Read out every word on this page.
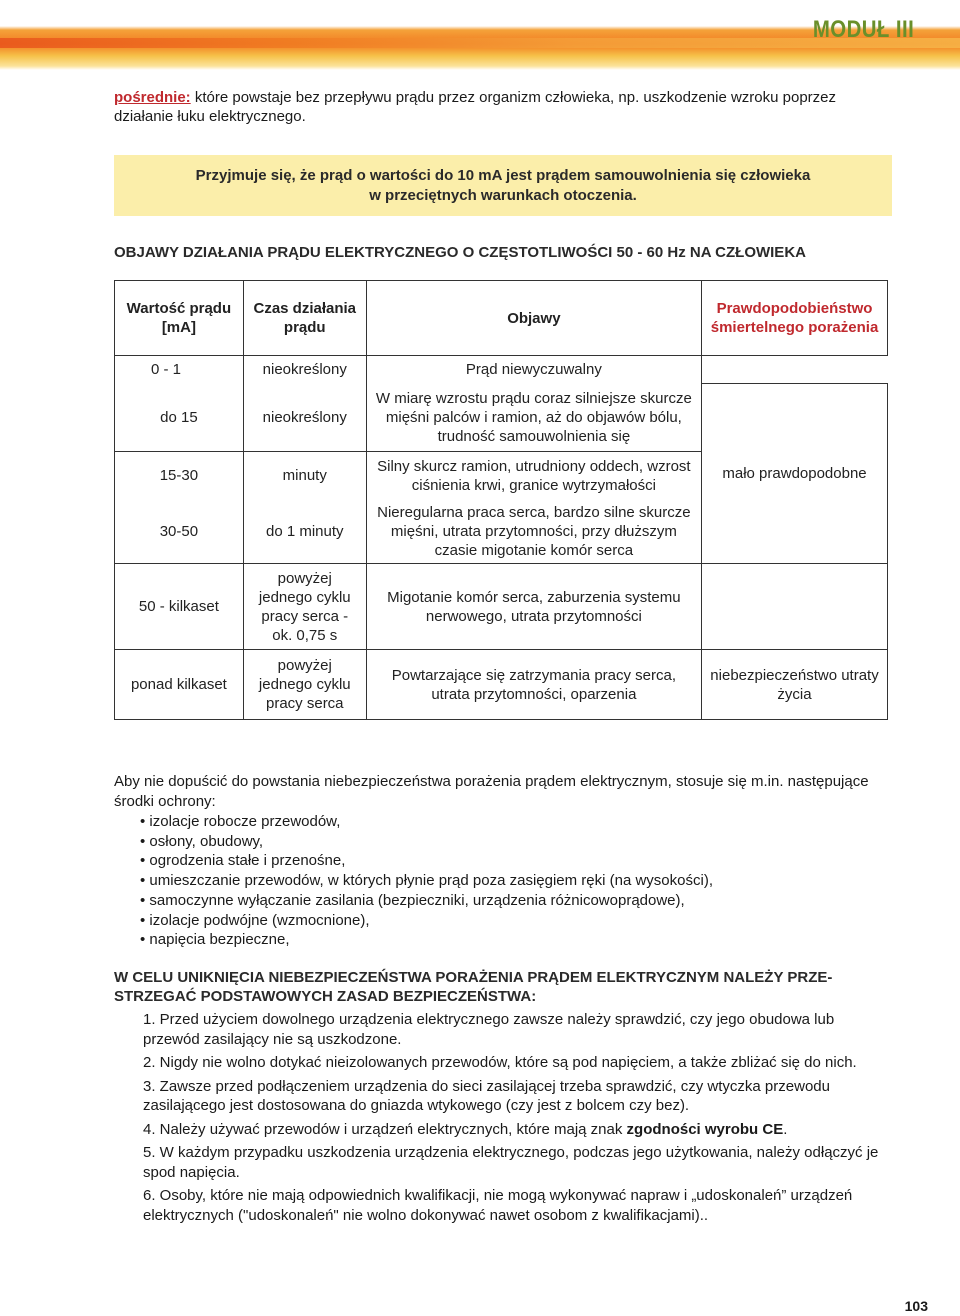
MODUŁ III
pośrednie: które powstaje bez przepływu prądu przez organizm człowieka, np. uszkodzenie wzroku poprzez działanie łuku elektrycznego.
Przyjmuje się, że prąd o wartości do 10 mA jest prądem samouwolnienia się człowieka
w przeciętnych warunkach otoczenia.
OBJAWY DZIAŁANIA PRĄDU ELEKTRYCZNEGO O CZĘSTOTLIWOŚCI 50 - 60 Hz NA CZŁOWIEKA
Wartość prądu [mA]	Czas działania prądu	Objawy	Prawdopodobieństwo śmiertelnego porażenia
0 - 1	nieokreślony	Prąd niewyczuwalny	
do 15	nieokreślony	W miarę wzrostu prądu coraz silniejsze skurcze mięśni palców i ramion, aż do objawów bólu, trudność samouwolnienia się	mało prawdopodobne
15-30	minuty	Silny skurcz ramion, utrudniony oddech, wzrost ciśnienia krwi, granice wytrzymałości	
30-50	do 1 minuty	Nieregularna praca serca, bardzo silne skurcze mięśni, utrata przytomności, przy dłuższym czasie migotanie komór serca	
50 - kilkaset	powyżej jednego cyklu pracy serca - ok. 0,75 s	Migotanie komór serca, zaburzenia systemu nerwowego, utrata przytomności	
ponad kilkaset	powyżej jednego cyklu pracy serca	Powtarzające się zatrzymania pracy serca, utrata przytomności, oparzenia	niebezpieczeństwo utraty życia
Aby nie dopuścić do powstania niebezpieczeństwa porażenia prądem elektrycznym, stosuje się m.in. następujące środki ochrony:
• izolacje robocze przewodów,
• osłony, obudowy,
• ogrodzenia stałe i przenośne,
• umieszczanie przewodów, w których płynie prąd poza zasięgiem ręki (na wysokości),
• samoczynne wyłączanie zasilania (bezpieczniki, urządzenia różnicowoprądowe),
• izolacje podwójne (wzmocnione),
• napięcia bezpieczne,
W CELU UNIKNIĘCIA NIEBEZPIECZEŃSTWA PORAŻENIA PRĄDEM ELEKTRYCZNYM NALEŻY PRZE- STRZEGAĆ PODSTAWOWYCH ZASAD BEZPIECZEŃSTWA:
1. Przed użyciem dowolnego urządzenia elektrycznego zawsze należy sprawdzić, czy jego obudowa lub przewód zasilający nie są uszkodzone.
2. Nigdy nie wolno dotykać nieizolowanych przewodów, które są pod napięciem, a także zbliżać się do nich.
3. Zawsze przed podłączeniem urządzenia do sieci zasilającej trzeba sprawdzić, czy wtyczka przewodu zasilającego jest dostosowana do gniazda wtykowego (czy jest z bolcem czy bez).
4. Należy używać przewodów i urządzeń elektrycznych, które mają znak zgodności wyrobu CE.
5. W każdym przypadku uszkodzenia urządzenia elektrycznego, podczas jego użytkowania, należy odłączyć je spod napięcia.
6. Osoby, które nie mają odpowiednich kwalifikacji, nie mogą wykonywać napraw i „udoskonaleń” urządzeń elektrycznych ("udoskonaleń" nie wolno dokonywać nawet osobom z kwalifikacjami)..
103
